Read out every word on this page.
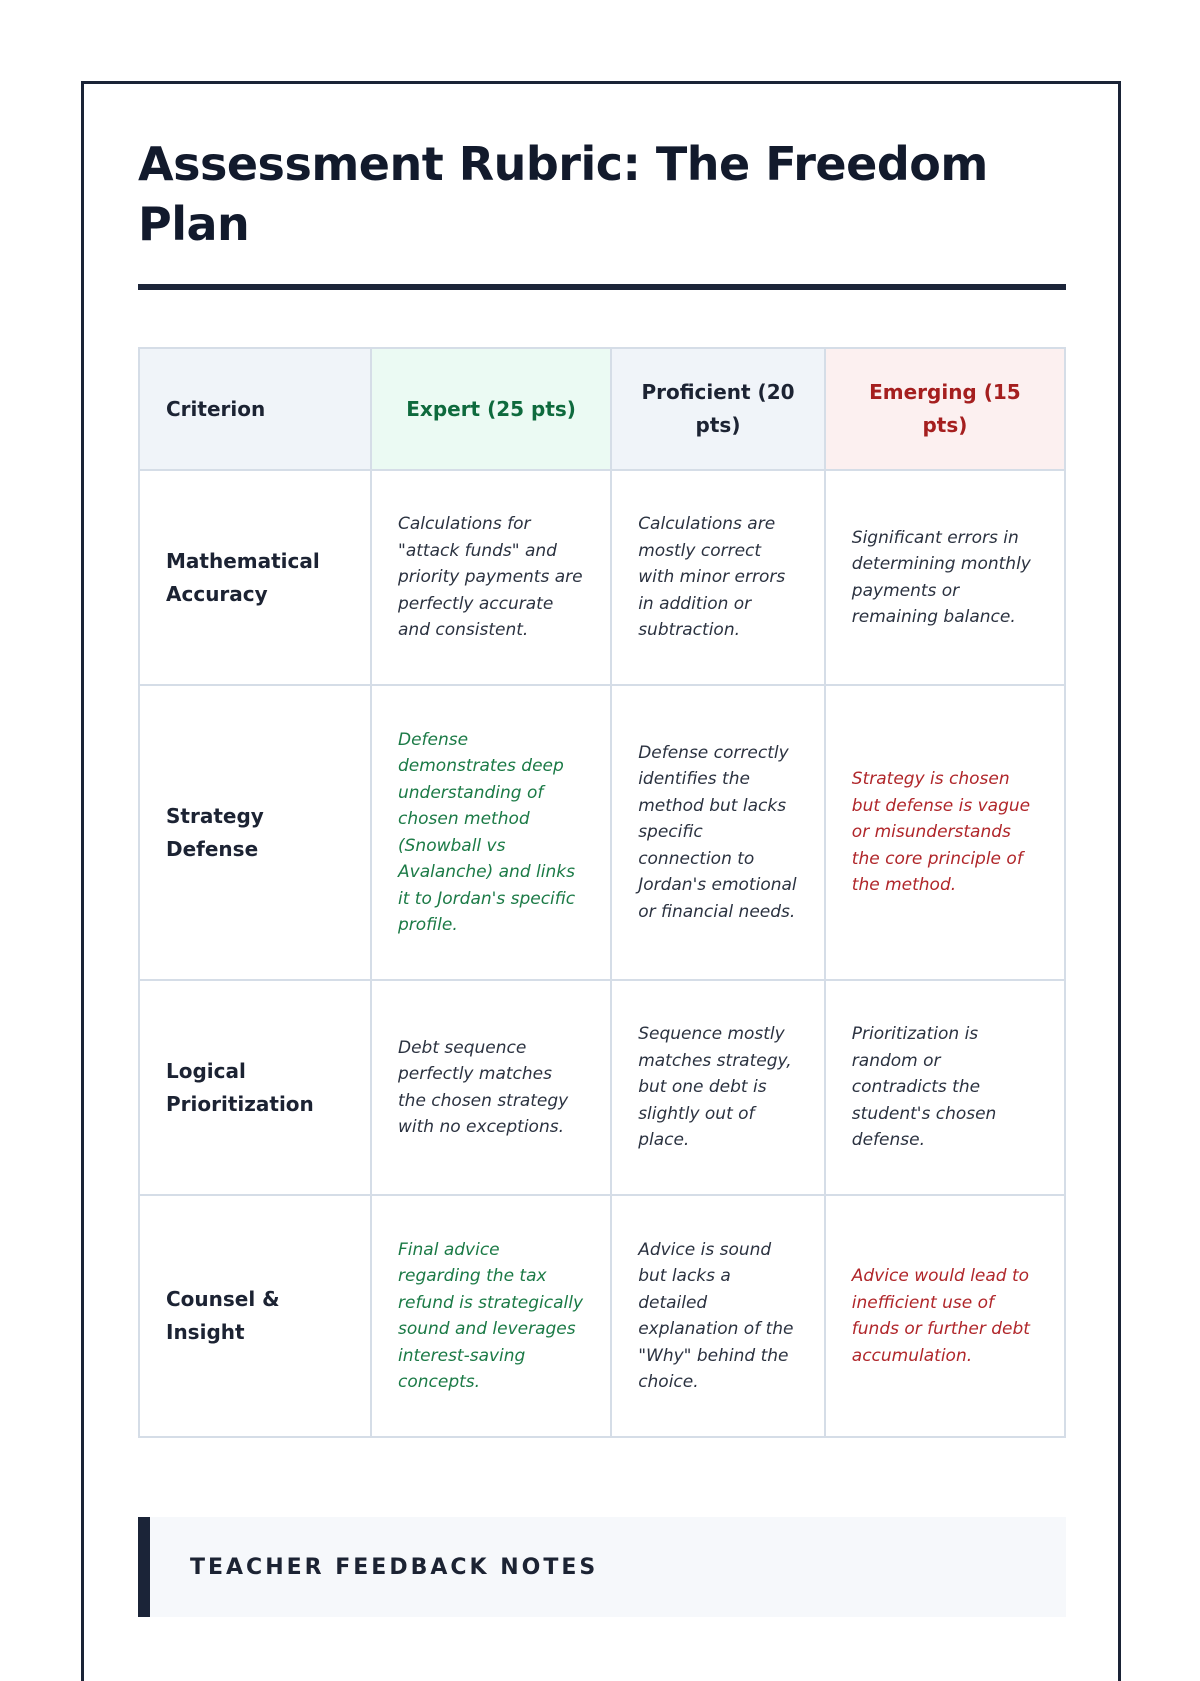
Assessment Rubric: The Freedom Plan
Criterion	Expert (25 pts)	Proficient (20 pts)	Emerging (15 pts)
Mathematical Accuracy	Calculations for "attack funds" and priority payments are perfectly accurate and consistent.	Calculations are mostly correct with minor errors in addition or subtraction.	Significant errors in determining monthly payments or remaining balance.
Strategy Defense	Defense demonstrates deep understanding of chosen method (Snowball vs Avalanche) and links it to Jordan's specific profile.	Defense correctly identifies the method but lacks specific connection to Jordan's emotional or financial needs.	Strategy is chosen but defense is vague or misunderstands the core principle of the method.
Logical Prioritization	Debt sequence perfectly matches the chosen strategy with no exceptions.	Sequence mostly matches strategy, but one debt is slightly out of place.	Prioritization is random or contradicts the student's chosen defense.
Counsel & Insight	Final advice regarding the tax refund is strategically sound and leverages interest-saving concepts.	Advice is sound but lacks a detailed explanation of the "Why" behind the choice.	Advice would lead to inefficient use of funds or further debt accumulation.
TEACHER FEEDBACK NOTES
